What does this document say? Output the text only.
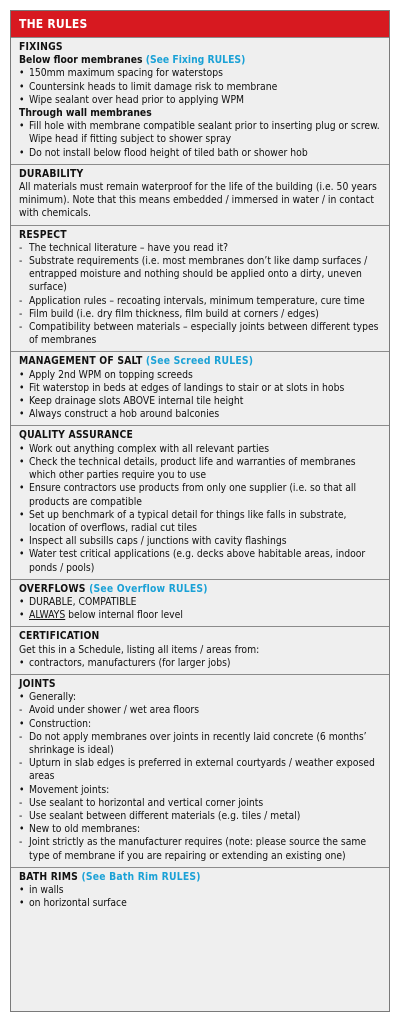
THE RULES
FIXINGS
Below floor membranes (See Fixing RULES)
• 150mm maximum spacing for waterstops
• Countersink heads to limit damage risk to membrane
• Wipe sealant over head prior to applying WPM
Through wall membranes
• Fill hole with membrane compatible sealant prior to inserting plug or screw. Wipe head if fitting subject to shower spray
• Do not install below flood height of tiled bath or shower hob
DURABILITY
All materials must remain waterproof for the life of the building (i.e. 50 years minimum). Note that this means embedded / immersed in water / in contact with chemicals.
RESPECT
- The technical literature – have you read it?
- Substrate requirements (i.e. most membranes don’t like damp surfaces / entrapped moisture and nothing should be applied onto a dirty, uneven surface)
- Application rules – recoating intervals, minimum temperature, cure time
- Film build (i.e. dry film thickness, film build at corners / edges)
- Compatibility between materials – especially joints between different types of membranes
MANAGEMENT OF SALT (See Screed RULES)
• Apply 2nd WPM on topping screeds
• Fit waterstop in beds at edges of landings to stair or at slots in hobs
• Keep drainage slots ABOVE internal tile height
• Always construct a hob around balconies
QUALITY ASSURANCE
• Work out anything complex with all relevant parties
• Check the technical details, product life and warranties of membranes which other parties require you to use
• Ensure contractors use products from only one supplier (i.e. so that all products are compatible
• Set up benchmark of a typical detail for things like falls in substrate, location of overflows, radial cut tiles
• Inspect all subsills caps / junctions with cavity flashings
• Water test critical applications (e.g. decks above habitable areas, indoor ponds / pools)
OVERFLOWS (See Overflow RULES)
• DURABLE, COMPATIBLE
• ALWAYS below internal floor level
CERTIFICATION
Get this in a Schedule, listing all items / areas from:
• contractors, manufacturers (for larger jobs)
JOINTS
• Generally:
- Avoid under shower / wet area floors
• Construction:
- Do not apply membranes over joints in recently laid concrete (6 months’ shrinkage is ideal)
- Upturn in slab edges is preferred in external courtyards / weather exposed areas
• Movement joints:
- Use sealant to horizontal and vertical corner joints
- Use sealant between different materials (e.g. tiles / metal)
• New to old membranes:
- Joint strictly as the manufacturer requires (note: please source the same type of membrane if you are repairing or extending an existing one)
BATH RIMS (See Bath Rim RULES)
• in walls
• on horizontal surface
